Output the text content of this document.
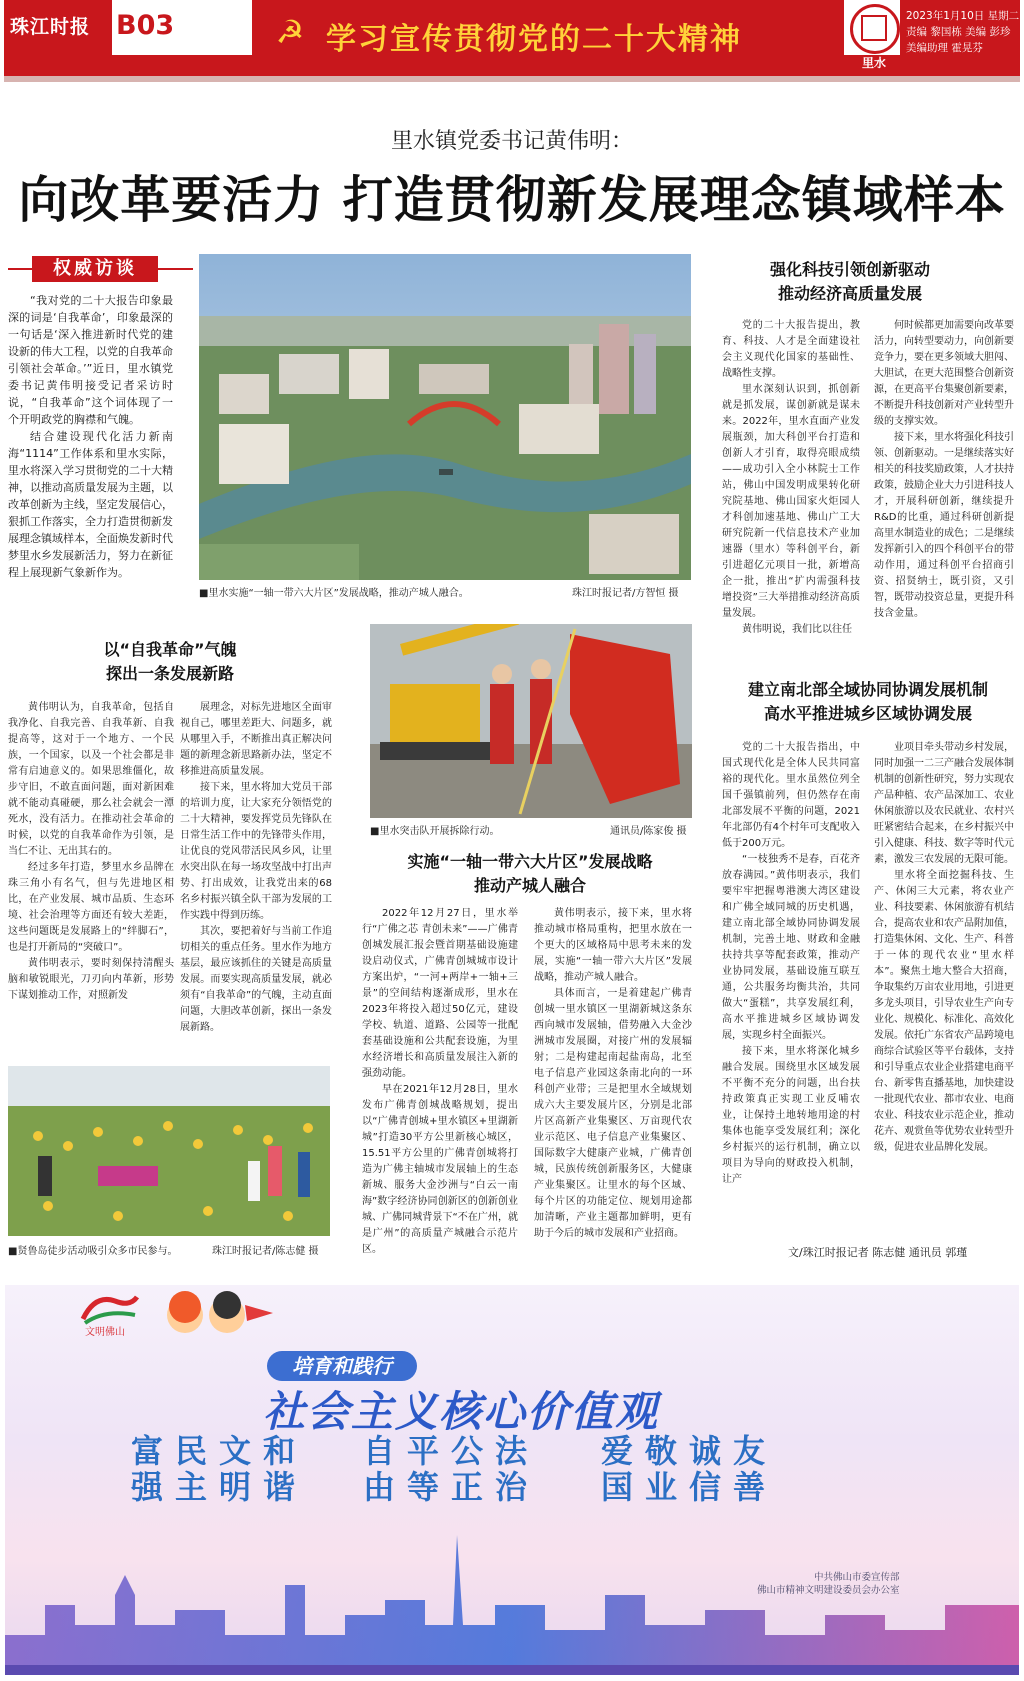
珠江时报 B03	☭ 学习宣传贯彻党的二十大精神
里水
2023年1月10日 星期二
责编 黎国栋 美编 彭珍
美编助理 霍晃芬
里水镇党委书记黄伟明：
向改革要活力 打造贯彻新发展理念镇域样本
权威访谈

“我对党的二十大报告印象最深的词是‘自我革命’，印象最深的一句话是‘深入推进新时代党的建设新的伟大工程，以党的自我革命引领社会革命。’”近日，里水镇党委书记黄伟明接受记者采访时说，“自我革命”这个词体现了一个开明政党的胸襟和气魄。

结合建设现代化活力新南海“1114”工作体系和里水实际，里水将深入学习贯彻党的二十大精神，以推动高质量发展为主题，以改革创新为主线，坚定发展信心，狠抓工作落实，全力打造贯彻新发展理念镇域样本，全面焕发新时代梦里水乡发展新活力，努力在新征程上展现新气象新作为。

■里水实施“一轴一带六大片区”发展战略，推动产城人融合。	珠江时报记者/方智恒 摄
强化科技引领创新驱动
推动经济高质量发展

党的二十大报告提出，教育、科技、人才是全面建设社会主义现代化国家的基础性、战略性支撑。

里水深刻认识到，抓创新就是抓发展，谋创新就是谋未来。2022年，里水直面产业发展瓶颈，加大科创平台打造和创新人才引育，取得亮眼成绩——成功引入全小林院士工作站，佛山中国发明成果转化研究院基地、佛山国家火炬园人才科创加速基地、佛山广工大研究院新一代信息技术产业加速器（里水）等科创平台，新引进超亿元项目一批，新增高企一批，推出“扩内需强科技 增投资”三大举措推动经济高质量发展。

黄伟明说，我们比以往任

何时候都更加需要向改革要活力，向转型要动力，向创新要竞争力，要在更多领域大胆闯、大胆试，在更大范围整合创新资源，在更高平台集聚创新要素，不断提升科技创新对产业转型升级的支撑实效。

接下来，里水将强化科技引领、创新驱动。一是继续落实好相关的科技奖励政策，人才扶持政策，鼓励企业大力引进科技人才，开展科研创新，继续提升R&D的比重，通过科研创新提高里水制造业的成色；二是继续发挥新引入的四个科创平台的带动作用，通过科创平台招商引资、招贤纳士，既引资，又引智，既带动投资总量，更提升科技含金量。

以“自我革命”气魄
探出一条发展新路

黄伟明认为，自我革命，包括自我净化、自我完善、自我革新、自我提高等，这对于一个地方、一个民族，一个国家，以及一个社会都是非常有启迪意义的。如果思维僵化，故步守旧，不敢直面问题，面对新困难就不能动真碰硬，那么社会就会一潭死水，没有活力。在推动社会革命的时候，以党的自我革命作为引领，是当仁不让、无出其右的。

经过多年打造，梦里水乡品牌在珠三角小有名气，但与先进地区相比，在产业发展、城市品质、生态环境、社会治理等方面还有较大差距，这些问题既是发展路上的“绊脚石”，也是打开新局的“突破口”。

黄伟明表示，要时刻保持清醒头脑和敏锐眼光，刀刃向内革新，形势下谋划推动工作，对照新发

展理念，对标先进地区全面审视自己，哪里差距大、问题多，就从哪里入手，不断推出真正解决问题的新理念新思路新办法，坚定不移推进高质量发展。

接下来，里水将加大党员干部的培训力度，让大家充分领悟党的二十大精神，要发挥党员先锋队在日常生活工作中的先锋带头作用，让优良的党风带活民风乡风，让里水突出队在每一场攻坚战中打出声势、打出成效，让我党出来的68名乡村振兴镇全队干部为发展的工作实践中得到历练。

其次，要把着好与当前工作追切相关的重点任务。里水作为地方基层，最应该抓住的关键是高质量发展。而要实现高质量发展，就必须有“自我革命”的气魄，主动直面问题，大胆改革创新，探出一条发展新路。

■里水突击队开展拆除行动。	通讯员/陈家俊 摄
实施“一轴一带六大片区”发展战略
推动产城人融合

2022年12月27日，里水举行“广佛之芯 青创未来”——广佛青创城发展汇报会暨首期基础设施建设启动仪式，广佛青创城城市设计方案出炉，“一河+两岸+一轴+三景”的空间结构逐渐成形，里水在2023年将投入超过50亿元，建设学校、轨道、道路、公园等一批配套基础设施和公共配套设施，为里水经济增长和高质量发展注入新的强劲动能。

早在2021年12月28日，里水发布广佛青创城战略规划，提出以“广佛青创城+里水镇区+里湖新城”打造30平方公里新核心城区，15.51平方公里的广佛青创城将打造为广佛主轴城市发展轴上的生态新城、服务大金沙洲与“白云一南海”数字经济协同创新区的创新创业城、广佛同城背景下“不在广州，就是广州”的高质量产城融合示范片区。

黄伟明表示，接下来，里水将推动城市格局重构，把里水放在一个更大的区域格局中思考未来的发展，实施“一轴一带六大片区”发展战略，推动产城人融合。

具体而言，一是着建起广佛青创城一里水镇区一里湖新城这条东西向城市发展轴，借势融入大金沙洲城市发展圈，对接广州的发展辐射；二是构建起南起盐南岛，北至电子信息产业园这条南北向的一环科创产业带；三是把里水全域规划成六大主要发展片区，分别是北部片区高新产业集聚区、万亩现代农业示范区、电子信息产业集聚区、国际数字大健康产业城，广佛青创城，民族传统创新服务区，大健康产业集聚区。让里水的每个区域、每个片区的功能定位、规划用途都加清晰，产业主题都加鲜明，更有助于今后的城市发展和产业招商。

建立南北部全域协同协调发展机制
高水平推进城乡区域协调发展

党的二十大报告指出，中国式现代化是全体人民共同富裕的现代化。里水虽然位列全国千强镇前列，但仍然存在南北部发展不平衡的问题，2021年北部仍有4个村年可支配收入低于200万元。

“一枝独秀不是春，百花齐放春满园。”黄伟明表示，我们要牢牢把握粤港澳大湾区建设和广佛全域同城的历史机遇，建立南北部全域协同协调发展机制，完善土地、财政和金融扶持共享等配套政策，推动产业协同发展，基础设施互联互通，公共服务均衡共治，共同做大“蛋糕”，共享发展红利，高水平推进城乡区域协调发展，实现乡村全面振兴。

接下来，里水将深化城乡融合发展。围绕里水区域发展不平衡不充分的问题，出台扶持政策真正实现工业反哺农业，让保持土地转地用途的村集体也能享受发展红利；深化乡村振兴的运行机制，确立以项目为导向的财政投入机制，让产

业项目牵头带动乡村发展，同时加强一二三产融合发展体制机制的创新性研究，努力实现农产品种植、农产品深加工、农业休闲旅游以及农民就业、农村兴旺紧密结合起来，在乡村振兴中引入健康、科技、数字等时代元素，激发三农发展的无限可能。

里水将全面挖掘科技、生产、休闲三大元素，将农业产业、科技要素、休闲旅游有机结合，提高农业和农产品附加值，打造集休闲、文化、生产、科普于一体的现代农业“里水样本”。聚焦土地大整合大招商，争取集约万亩农业用地，引进更多龙头项目，引导农业生产向专业化、规模化、标准化、高效化发展。依托广东省农产品跨境电商综合试验区等平台载体，支持和引导重点农业企业搭建电商平台、新零售直播基地，加快建设一批现代农业、都市农业、电商农业、科技农业示范企业，推动花卉、观赏鱼等优势农业转型升级，促进农业品牌化发展。

■贤鲁岛徒步活动吸引众多市民参与。	珠江时报记者/陈志健 摄	文/珠江时报记者 陈志健 通讯员 郭瑾
文明佛山
培育和践行
社会主义核心价值观
富民文和
强主明谐
自平公法
由等正治
爱敬诚友
国业信善
中共佛山市委宣传部
佛山市精神文明建设委员会办公室
